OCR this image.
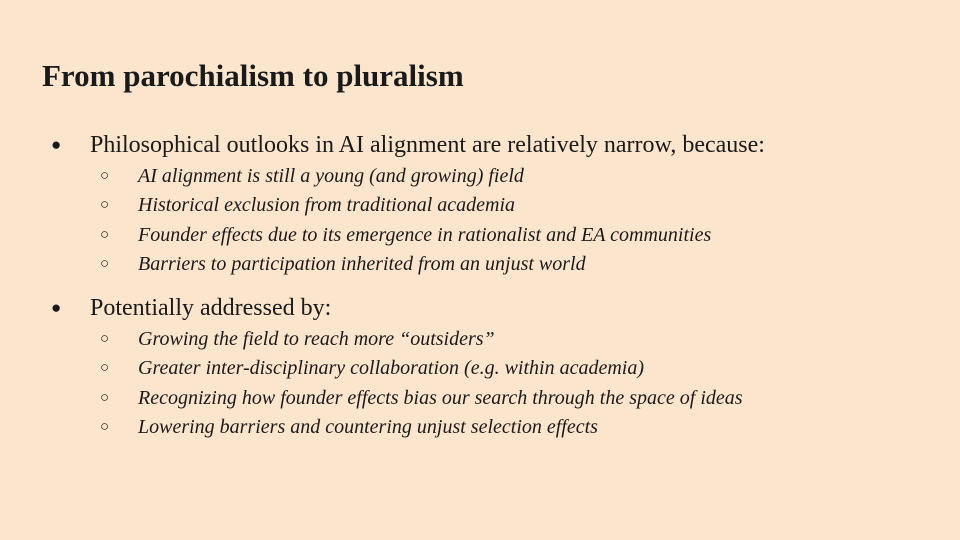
From parochialism to pluralism
● Philosophical outlooks in AI alignment are relatively narrow, because:
○ AI alignment is still a young (and growing) field
○ Historical exclusion from traditional academia
○ Founder effects due to its emergence in rationalist and EA communities
○ Barriers to participation inherited from an unjust world
● Potentially addressed by:
○ Growing the field to reach more “outsiders”
○ Greater inter-disciplinary collaboration (e.g. within academia)
○ Recognizing how founder effects bias our search through the space of ideas
○ Lowering barriers and countering unjust selection effects
